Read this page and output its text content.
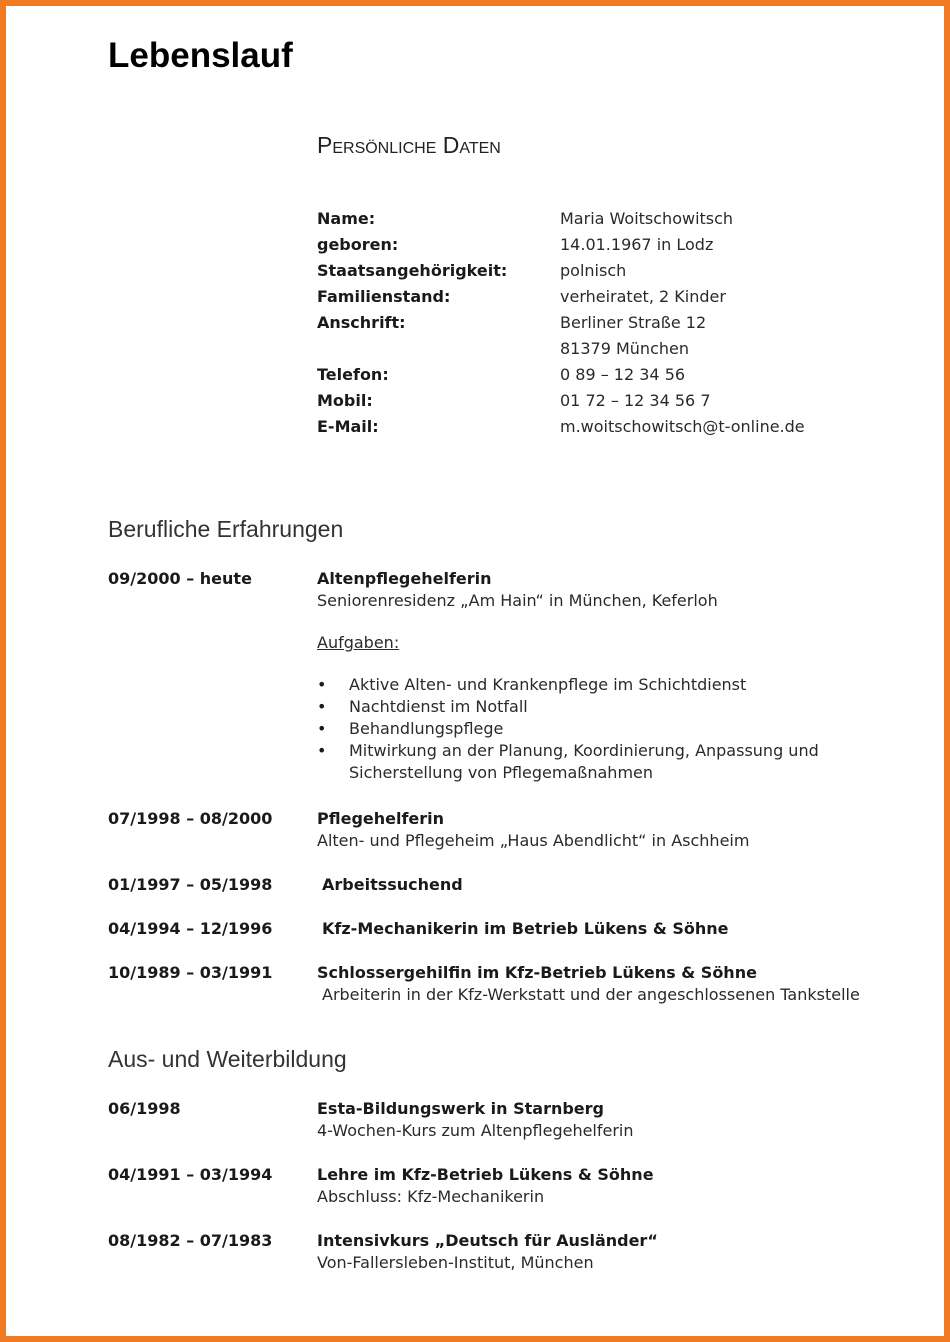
Lebenslauf
Persönliche Daten
Name:	Maria Woitschowitsch
geboren:	14.01.1967 in Lodz
Staatsangehörigkeit:	polnisch
Familienstand:	verheiratet, 2 Kinder
Anschrift:	Berliner Straße 12
81379 München
Telefon:	0 89 – 12 34 56
Mobil:	01 72 – 12 34 56 7
E-Mail:	m.woitschowitsch@t-online.de
Berufliche Erfahrungen
09/2000 – heute	Altenpflegehelferin
Seniorenresidenz „Am Hain“ in München, Keferloh
Aufgaben:
• Aktive Alten- und Krankenpflege im Schichtdienst
• Nachtdienst im Notfall
• Behandlungspflege
• Mitwirkung an der Planung, Koordinierung, Anpassung und Sicherstellung von Pflegemaßnahmen
07/1998 – 08/2000	Pflegehelferin
Alten- und Pflegeheim „Haus Abendlicht“ in Aschheim
01/1997 – 05/1998	Arbeitssuchend
04/1994 – 12/1996	Kfz-Mechanikerin im Betrieb Lükens & Söhne
10/1989 – 03/1991	Schlossergehilfin im Kfz-Betrieb Lükens & Söhne
Arbeiterin in der Kfz-Werkstatt und der angeschlossenen Tankstelle
Aus- und Weiterbildung
06/1998	Esta-Bildungswerk in Starnberg
4-Wochen-Kurs zum Altenpflegehelferin
04/1991 – 03/1994	Lehre im Kfz-Betrieb Lükens & Söhne
Abschluss: Kfz-Mechanikerin
08/1982 – 07/1983	Intensivkurs „Deutsch für Ausländer“
Von-Fallersleben-Institut, München
